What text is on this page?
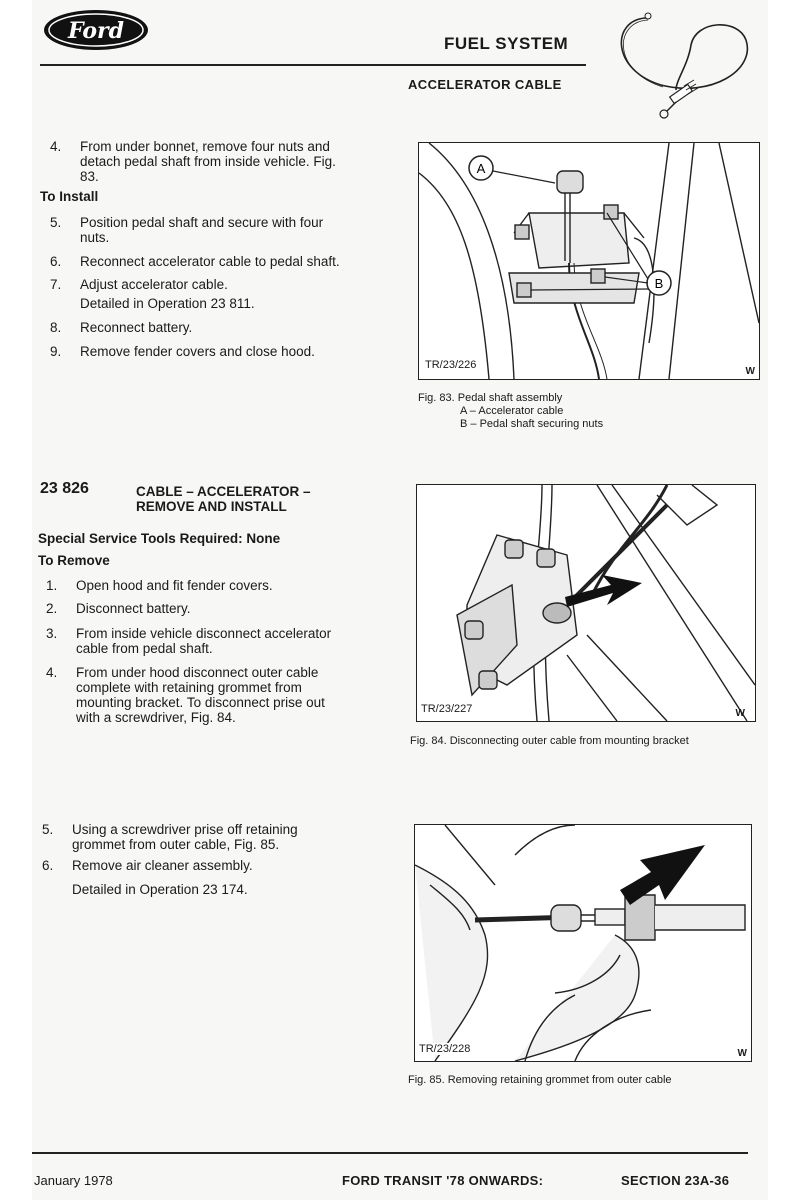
Ford	FUEL SYSTEM
ACCELERATOR CABLE
4.	From under bonnet, remove four nuts and
detach pedal shaft from inside vehicle. Fig.
83.
To Install
5.	Position pedal shaft and secure with four
nuts.
6.	Reconnect accelerator cable to pedal shaft.
7.	Adjust accelerator cable.
Detailed in Operation 23 811.
8.	Reconnect battery.
9.	Remove fender covers and close hood.
A
B
TR/23/226
W
Fig. 83. Pedal shaft assembly
A – Accelerator cable
B – Pedal shaft securing nuts
23 826	CABLE – ACCELERATOR –
REMOVE AND INSTALL
Special Service Tools Required: None
To Remove
1.	Open hood and fit fender covers.
2.	Disconnect battery.
3.	From inside vehicle disconnect accelerator
cable from pedal shaft.
4.	From under hood disconnect outer cable
complete with retaining grommet from
mounting bracket. To disconnect prise out
with a screwdriver, Fig. 84.
TR/23/227	W
Fig. 84. Disconnecting outer cable from mounting bracket
5.	Using a screwdriver prise off retaining
grommet from outer cable, Fig. 85.
6.	Remove air cleaner assembly.
Detailed in Operation 23 174.
TR/23/228	W
Fig. 85. Removing retaining grommet from outer cable
January 1978	FORD TRANSIT '78 ONWARDS:	SECTION 23A-36
